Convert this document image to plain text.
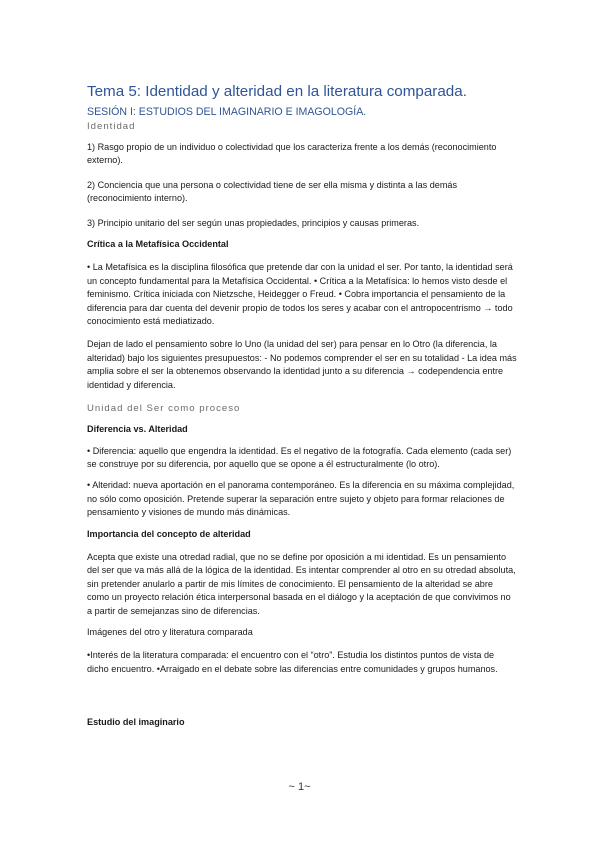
Tema 5: Identidad y alteridad en la literatura comparada.
SESIÓN I: ESTUDIOS DEL IMAGINARIO E IMAGOLOGÍA.
Identidad

1) Rasgo propio de un individuo o colectividad que los caracteriza frente a los demás (reconocimiento externo).

2) Conciencia que una persona o colectividad tiene de ser ella misma y distinta a las demás (reconocimiento interno).

3) Principio unitario del ser según unas propiedades, principios y causas primeras.

Crítica a la Metafísica Occidental

• La Metafísica es la disciplina filosófica que pretende dar con la unidad el ser. Por tanto, la identidad será un concepto fundamental para la Metafísica Occidental. • Crítica a la Metafísica: lo hemos visto desde el feminismo. Crítica iniciada con Nietzsche, Heidegger o Freud. • Cobra importancia el pensamiento de la diferencia para dar cuenta del devenir propio de todos los seres y acabar con el antropocentrismo → todo conocimiento está mediatizado.

Dejan de lado el pensamiento sobre lo Uno (la unidad del ser) para pensar en lo Otro (la diferencia, la alteridad) bajo los siguientes presupuestos: - No podemos comprender el ser en su totalidad - La idea más amplia sobre el ser la obtenemos observando la identidad junto a su diferencia → codependencia entre identidad y diferencia.

Unidad del Ser como proceso

Diferencia vs. Alteridad

• Diferencia: aquello que engendra la identidad. Es el negativo de la fotografía. Cada elemento (cada ser) se construye por su diferencia, por aquello que se opone a él estructuralmente (lo otro).

• Alteridad: nueva aportación en el panorama contemporáneo. Es la diferencia en su máxima complejidad, no sólo como oposición. Pretende superar la separación entre sujeto y objeto para formar relaciones de pensamiento y visiones de mundo más dinámicas.

Importancia del concepto de alteridad

Acepta que existe una otredad radial, que no se define por oposición a mi identidad. Es un pensamiento del ser que va más allá de la lógica de la identidad. Es intentar comprender al otro en su otredad absoluta, sin pretender anularlo a partir de mis límites de conocimiento. El pensamiento de la alteridad se abre como un proyecto relación ética interpersonal basada en el diálogo y la aceptación de que convivimos no a partir de semejanzas sino de diferencias.

Imágenes del otro y literatura comparada

•Interés de la literatura comparada: el encuentro con el “otro”. Estudia los distintos puntos de vista de dicho encuentro. •Arraigado en el debate sobre las diferencias entre comunidades y grupos humanos.

Estudio del imaginario

~ 1~
